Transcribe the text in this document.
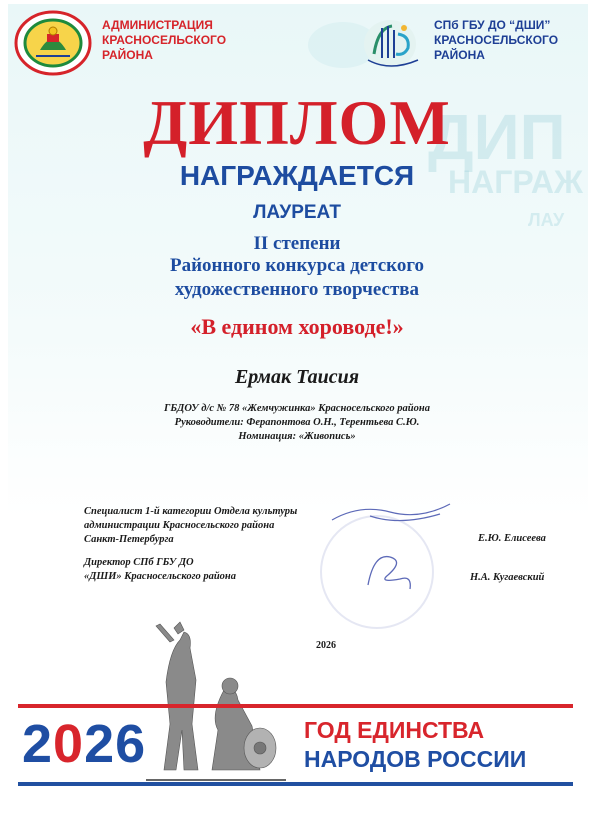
ДИП
НАГРАЖ
ЛАУ
АДМИНИСТРАЦИЯ
КРАСНОСЕЛЬСКОГО
РАЙОНА
СПб ГБУ ДО “ДШИ”
КРАСНОСЕЛЬСКОГО
РАЙОНА
ДИПЛОМ
НАГРАЖДАЕТСЯ
ЛАУРЕАТ
II степени
Районного конкурса детского
художественного творчества
«В едином хороводе!»
Ермак Таисия
ГБДОУ д/с № 78 «Жемчужинка» Красносельского района
Руководители: Ферапонтова О.Н., Терентьева С.Ю.
Номинация: «Живопись»
Специалист 1-й категории Отдела культуры
администрации Красносельского района
Санкт-Петербурга	Е.Ю. Елисеева
Директор СПб ГБУ ДО
«ДШИ» Красносельского района	Н.А. Кугаевский
2026
2026	ГОД ЕДИНСТВА
НАРОДОВ РОССИИ
